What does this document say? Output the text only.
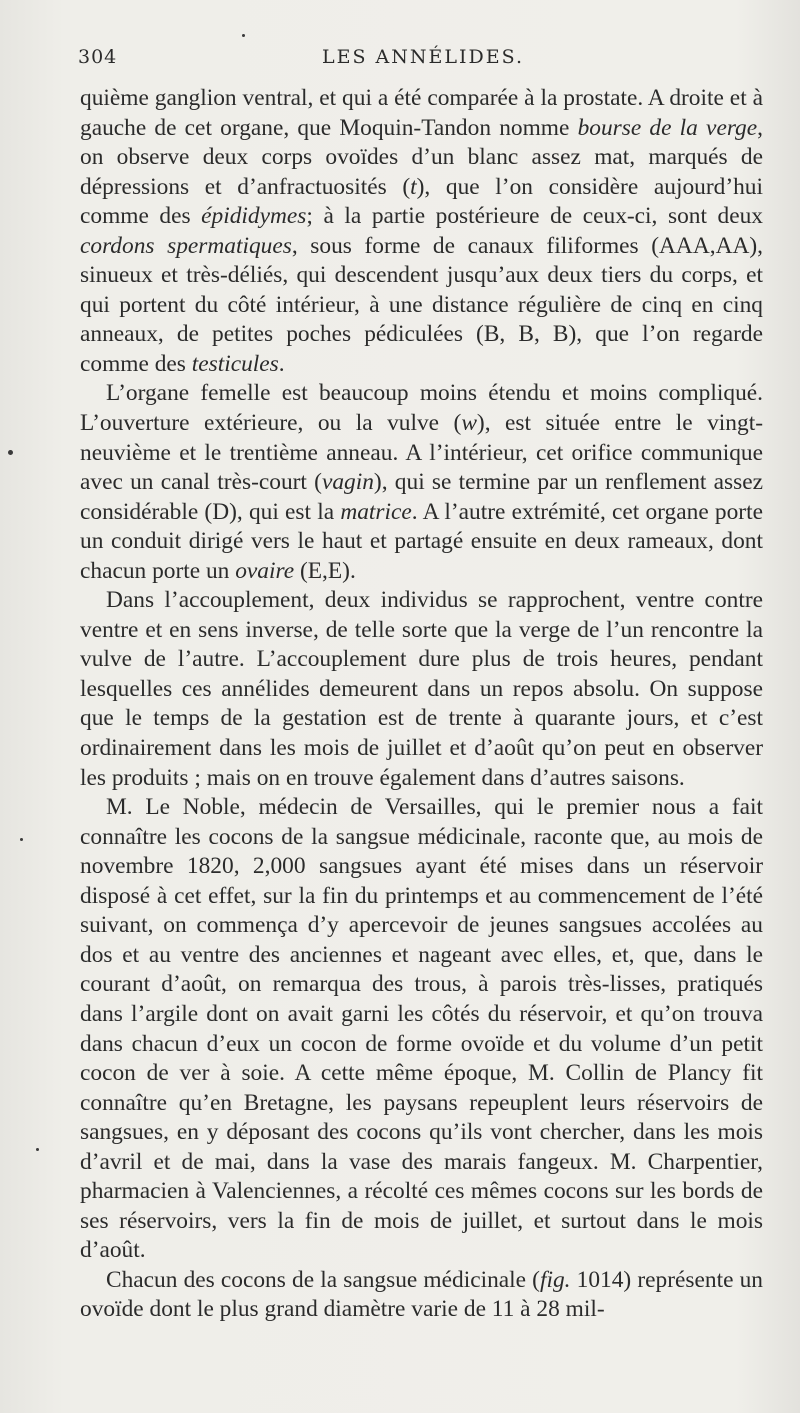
304	LES ANNÉLIDES.

quième ganglion ventral, et qui a été comparée à la prostate. A droite et à gauche de cet organe, que Moquin-Tandon nomme bourse de la verge, on observe deux corps ovoïdes d’un blanc assez mat, marqués de dépressions et d’anfractuosités (t), que l’on considère aujourd’hui comme des épididymes; à la partie postérieure de ceux-ci, sont deux cordons spermatiques, sous forme de canaux filiformes (AAA,AA), sinueux et très-déliés, qui descendent jusqu’aux deux tiers du corps, et qui portent du côté intérieur, à une distance régulière de cinq en cinq anneaux, de petites poches pédiculées (B, B, B), que l’on regarde comme des testicules.

L’organe femelle est beaucoup moins étendu et moins compliqué. L’ouverture extérieure, ou la vulve (w), est située entre le vingt-neuvième et le trentième anneau. A l’intérieur, cet orifice communique avec un canal très-court (vagin), qui se termine par un renflement assez considérable (D), qui est la matrice. A l’autre extrémité, cet organe porte un conduit dirigé vers le haut et partagé ensuite en deux rameaux, dont chacun porte un ovaire (E,E).

Dans l’accouplement, deux individus se rapprochent, ventre contre ventre et en sens inverse, de telle sorte que la verge de l’un rencontre la vulve de l’autre. L’accouplement dure plus de trois heures, pendant lesquelles ces annélides demeurent dans un repos absolu. On suppose que le temps de la gestation est de trente à quarante jours, et c’est ordinairement dans les mois de juillet et d’août qu’on peut en observer les produits ; mais on en trouve également dans d’autres saisons.

M. Le Noble, médecin de Versailles, qui le premier nous a fait connaître les cocons de la sangsue médicinale, raconte que, au mois de novembre 1820, 2,000 sangsues ayant été mises dans un réservoir disposé à cet effet, sur la fin du printemps et au commencement de l’été suivant, on commença d’y apercevoir de jeunes sangsues accolées au dos et au ventre des anciennes et nageant avec elles, et, que, dans le courant d’août, on remarqua des trous, à parois très-lisses, pratiqués dans l’argile dont on avait garni les côtés du réservoir, et qu’on trouva dans chacun d’eux un cocon de forme ovoïde et du volume d’un petit cocon de ver à soie. A cette même époque, M. Collin de Plancy fit connaître qu’en Bretagne, les paysans repeuplent leurs réservoirs de sangsues, en y déposant des cocons qu’ils vont chercher, dans les mois d’avril et de mai, dans la vase des marais fangeux. M. Charpentier, pharmacien à Valenciennes, a récolté ces mêmes cocons sur les bords de ses réservoirs, vers la fin de mois de juillet, et surtout dans le mois d’août.

Chacun des cocons de la sangsue médicinale (fig. 1014) représente un ovoïde dont le plus grand diamètre varie de 11 à 28 mil-
